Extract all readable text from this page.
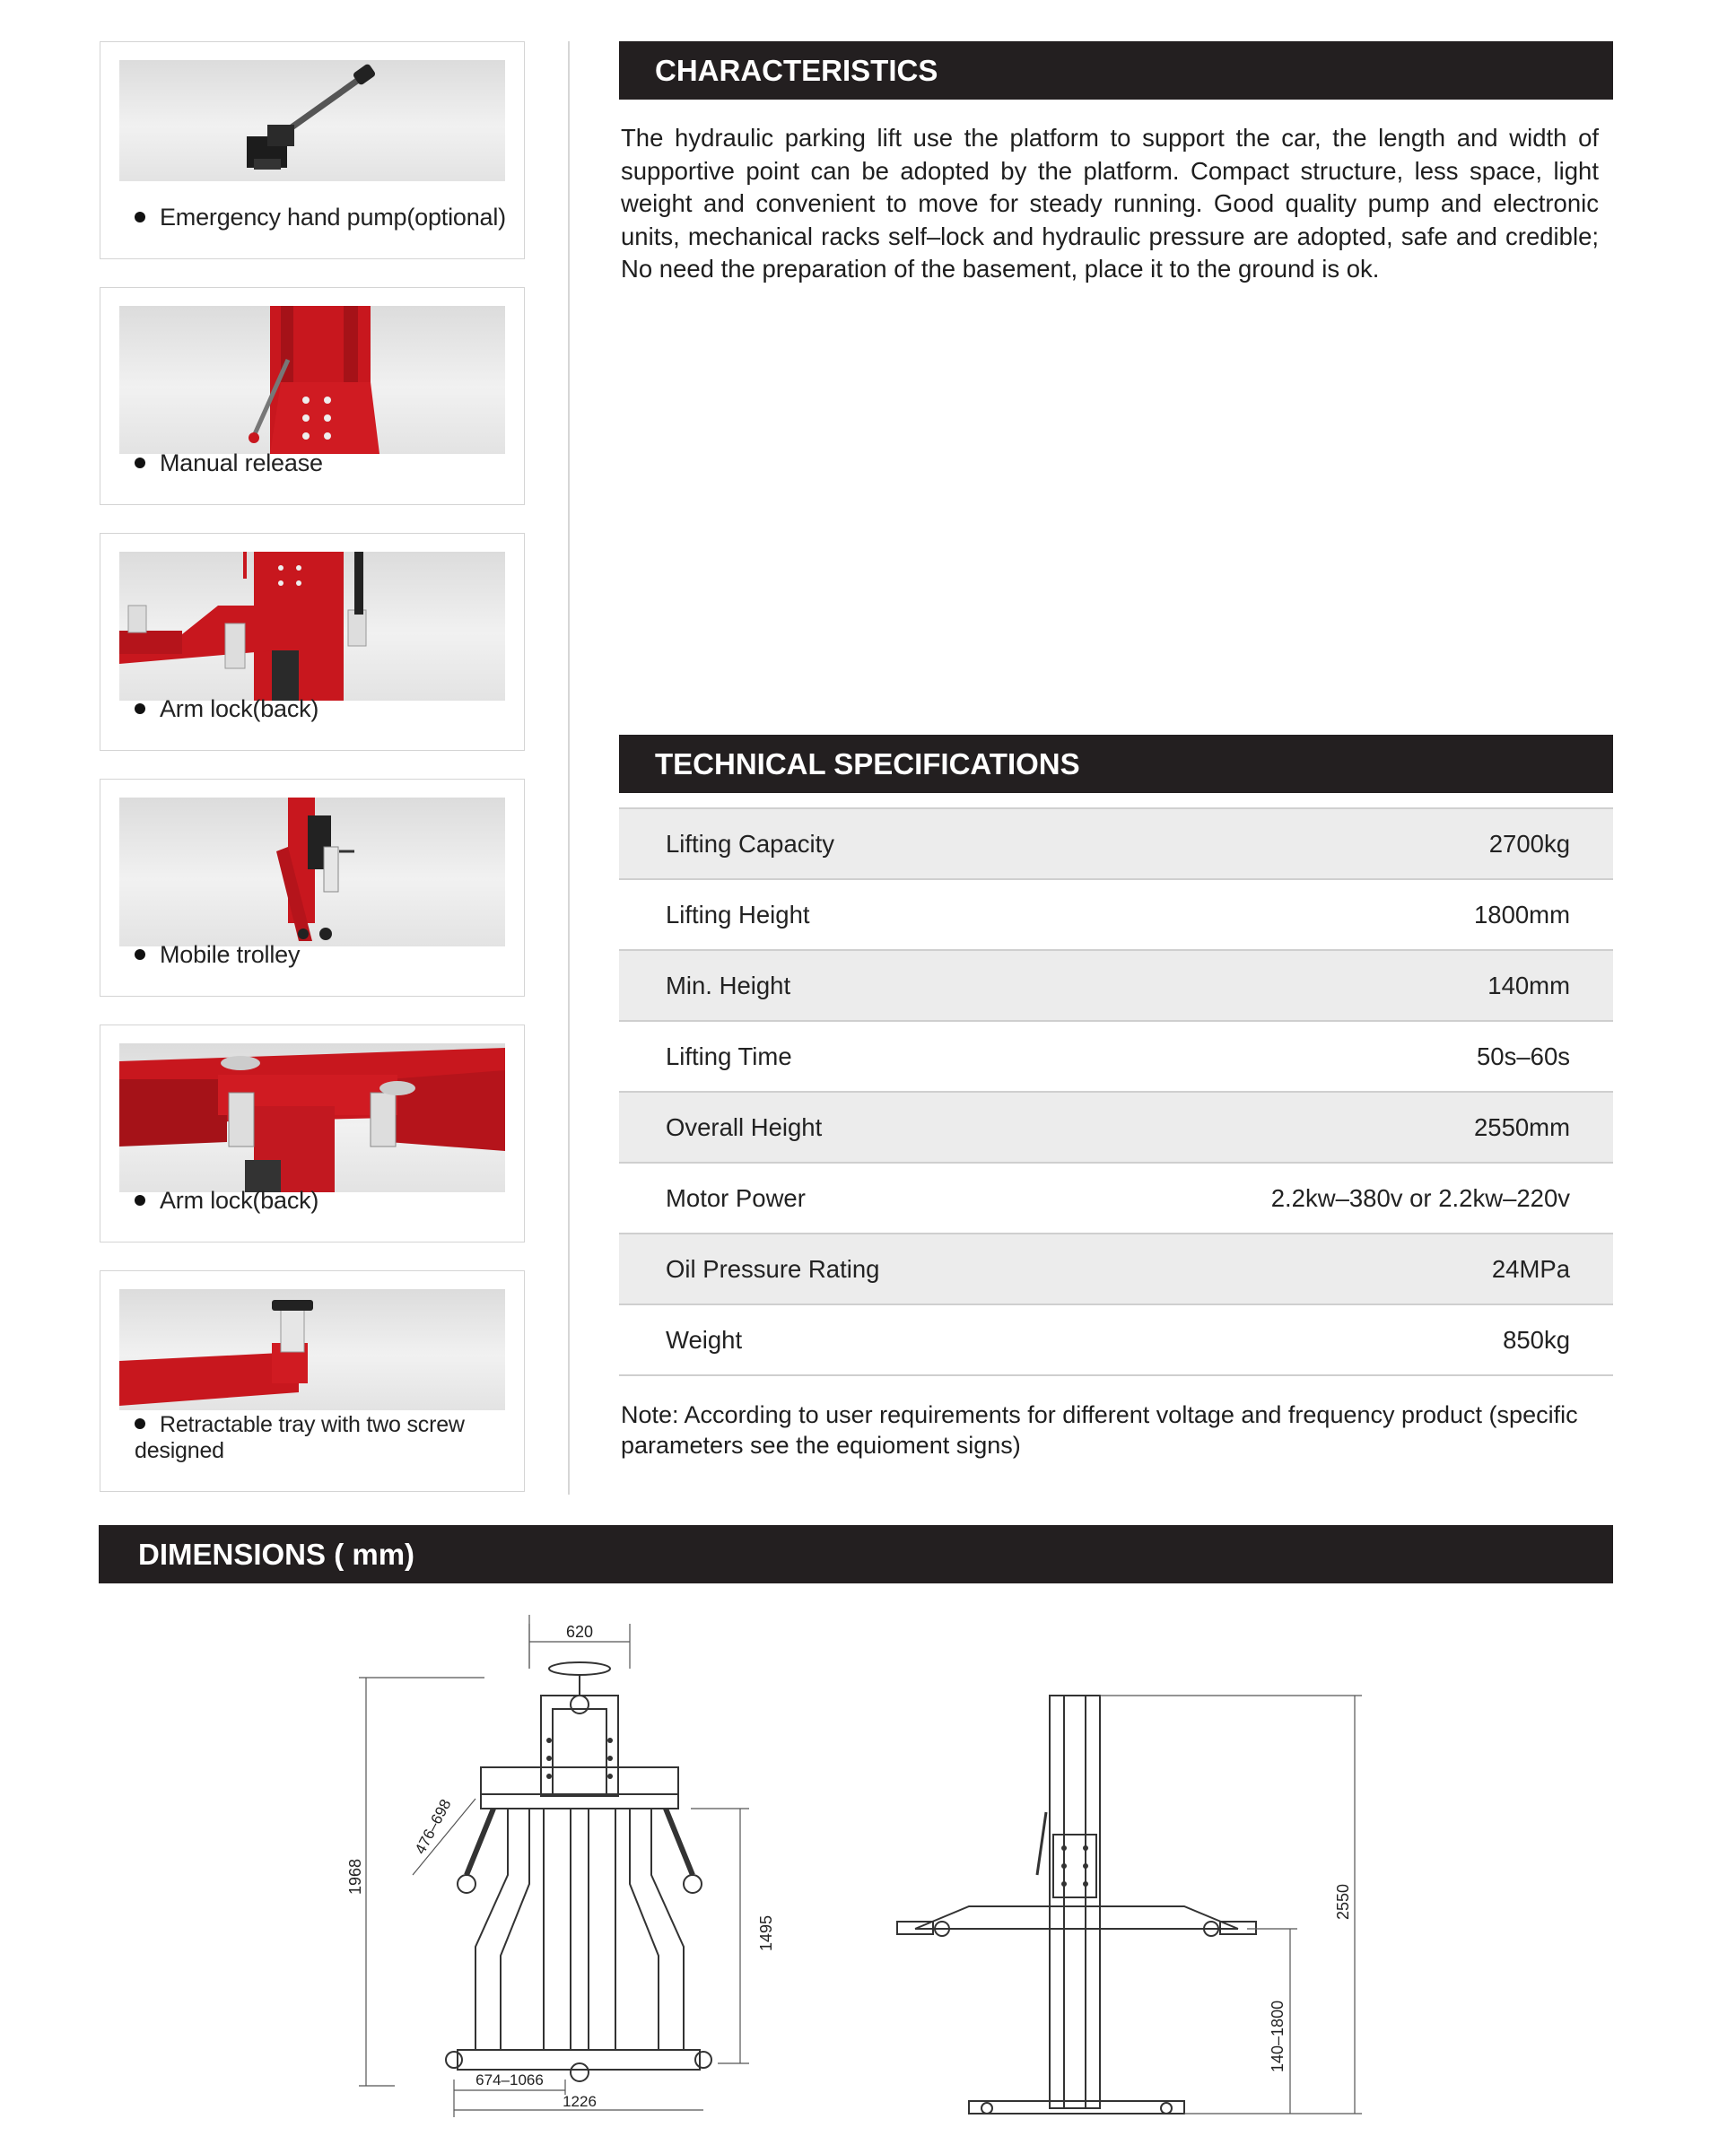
Emergency hand pump(optional)
Manual release
Arm lock(back)
Mobile trolley
Arm lock(back)
Retractable tray with two screw designed
CHARACTERISTICS
The hydraulic parking lift use the platform to support the car, the length and width of supportive point can be adopted by the platform. Compact structure, less space, light weight and convenient to move for steady running. Good quality pump and electronic units, mechanical racks self–lock and hydraulic pressure are adopted, safe and credible; No need the preparation of the basement, place it to the ground is ok.
TECHNICAL SPECIFICATIONS
Lifting Capacity	2700kg
Lifting Height	1800mm
Min. Height	140mm
Lifting Time	50s–60s
Overall Height	2550mm
Motor Power	2.2kw–380v or 2.2kw–220v
Oil Pressure Rating	24MPa
Weight	850kg
Note: According to user requirements for different voltage and frequency product (specific parameters see the equioment signs)
DIMENSIONS ( mm)
620
476–698
1968
1495
674–1066
1226
2550
140–1800
